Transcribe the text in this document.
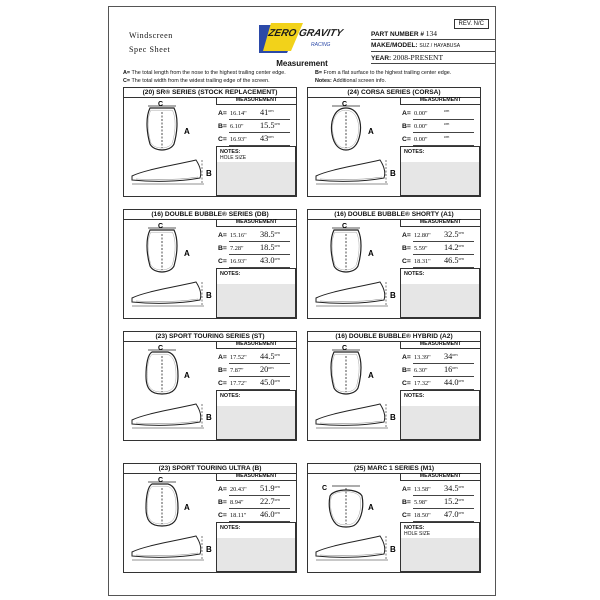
Windscreen
Spec Sheet
ZERO GRAVITY
RACING
REV. N/C
PART NUMBER # 134
MAKE/MODEL: SUZ / HAYABUSA
YEAR: 2008-PRESENT
Measurement
A= The total length from the nose to the highest trailing center edge.	B= From a flat surface to the highest trailing center edge.
C= The total width from the widest trailing edge of the screen.	Notes: Additional screen info.
(20) SR® SERIES (STOCK REPLACEMENT)
MEASUREMENT
A= 16.14" $41^{cm}$
B= 6.10" $15.5^{cm}$
C= 16.93" $43^{cm}$
C
A
B
NOTES:
HOLE SIZE
(24) CORSA SERIES (CORSA)
MEASUREMENT
A= 0.00"	$^{cm}$
B= 0.00"	$^{cm}$
C= 0.00"	$^{cm}$
C
A
B
NOTES:
(16) DOUBLE BUBBLE® SERIES (DB)
MEASUREMENT
A= 15.16" $38.5^{cm}$
B= 7.28" $18.5^{cm}$
C= 16.93" $43.0^{cm}$
C
A
B
NOTES:
(16) DOUBLE BUBBLE® SHORTY (A1)
MEASUREMENT
A= 12.80" $32.5^{cm}$
B= 5.59" $14.2^{cm}$
C= 18.31" $46.5^{cm}$
C
A
B
NOTES:
(23) SPORT TOURING SERIES (ST)
MEASUREMENT
A= 17.52" $44.5^{cm}$
B= 7.87" $20^{cm}$
C= 17.72" $45.0^{cm}$
C
A
B
NOTES:
(16) DOUBLE BUBBLE® HYBRID (A2)
MEASUREMENT
A= 13.39" $34^{cm}$
B= 6.30" $16^{cm}$
C= 17.32" $44.0^{cm}$
C
A
B
NOTES:
(23) SPORT TOURING ULTRA (B)
MEASUREMENT
A= 20.43" $51.9^{cm}$
B= 8.94" $22.7^{cm}$
C= 18.11" $46.0^{cm}$
C
A
B
NOTES:
(25) MARC 1 SERIES (M1)
MEASUREMENT
A= 13.58" $34.5^{cm}$
B= 5.98" $15.2^{cm}$
C= 18.50" $47.0^{cm}$
C
A
B
NOTES:
HOLE SIZE
